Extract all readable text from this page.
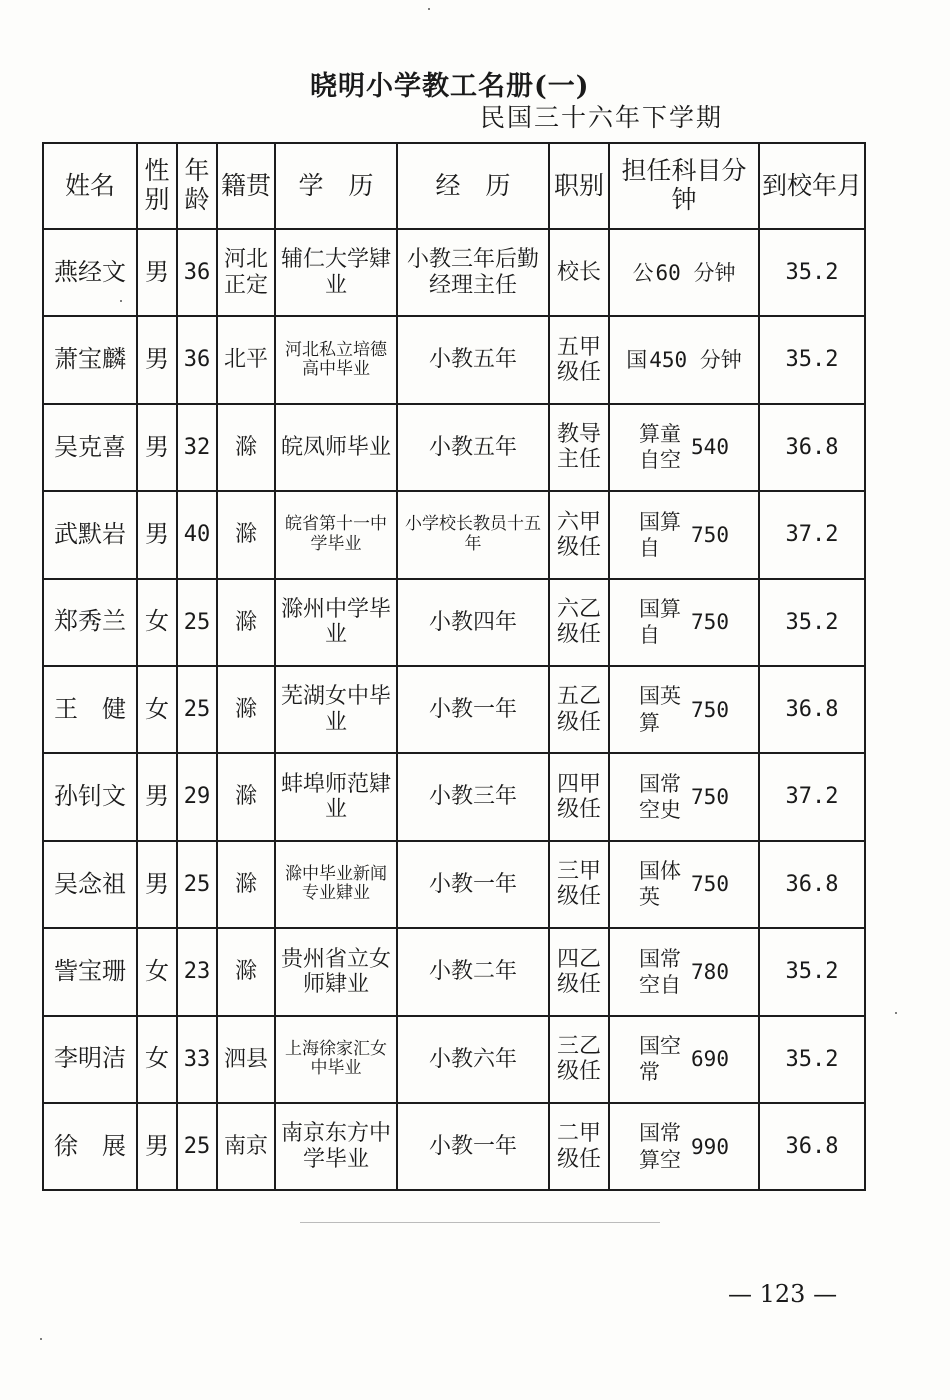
晓明小学教工名册(一)
民国三十六年下学期
姓名	性别	年龄	籍贯	学　历	经　历	职别	担任科目分钟	到校年月
燕经文	男	36	河北正定	辅仁大学肄　业	小教三年后勤经理主任	校长	公60 分钟	35.2
萧宝麟	男	36	北平	河北私立培德高中毕业	小教五年	五甲级任	国450 分钟	35.2
吴克喜	男	32	滁	皖凤师毕业	小教五年	教导主任	算童自空540	36.8
武默岩	男	40	滁	皖省第十一中学毕业	小学校长教员十五年	六甲级任	国算自750	37.2
郑秀兰	女	25	滁	滁州中学毕业	小教四年	六乙级任	国算自750	35.2
王　健	女	25	滁	芜湖女中毕业	小教一年	五乙级任	国英算750	36.8
孙钊文	男	29	滁	蚌埠师范肄　业	小教三年	四甲级任	国常空史750	37.2
吴念祖	男	25	滁	滁中毕业新闻专业肄业	小教一年	三甲级任	国体英750	36.8
訾宝珊	女	23	滁	贵州省立女师肄业	小教二年	四乙级任	国常空自780	35.2
李明洁	女	33	泗县	上海徐家汇女中毕业	小教六年	三乙级任	国空常690	35.2
徐　展	男	25	南京	南京东方中学毕业	小教一年	二甲级任	国常算空990	36.8
— 123 —
